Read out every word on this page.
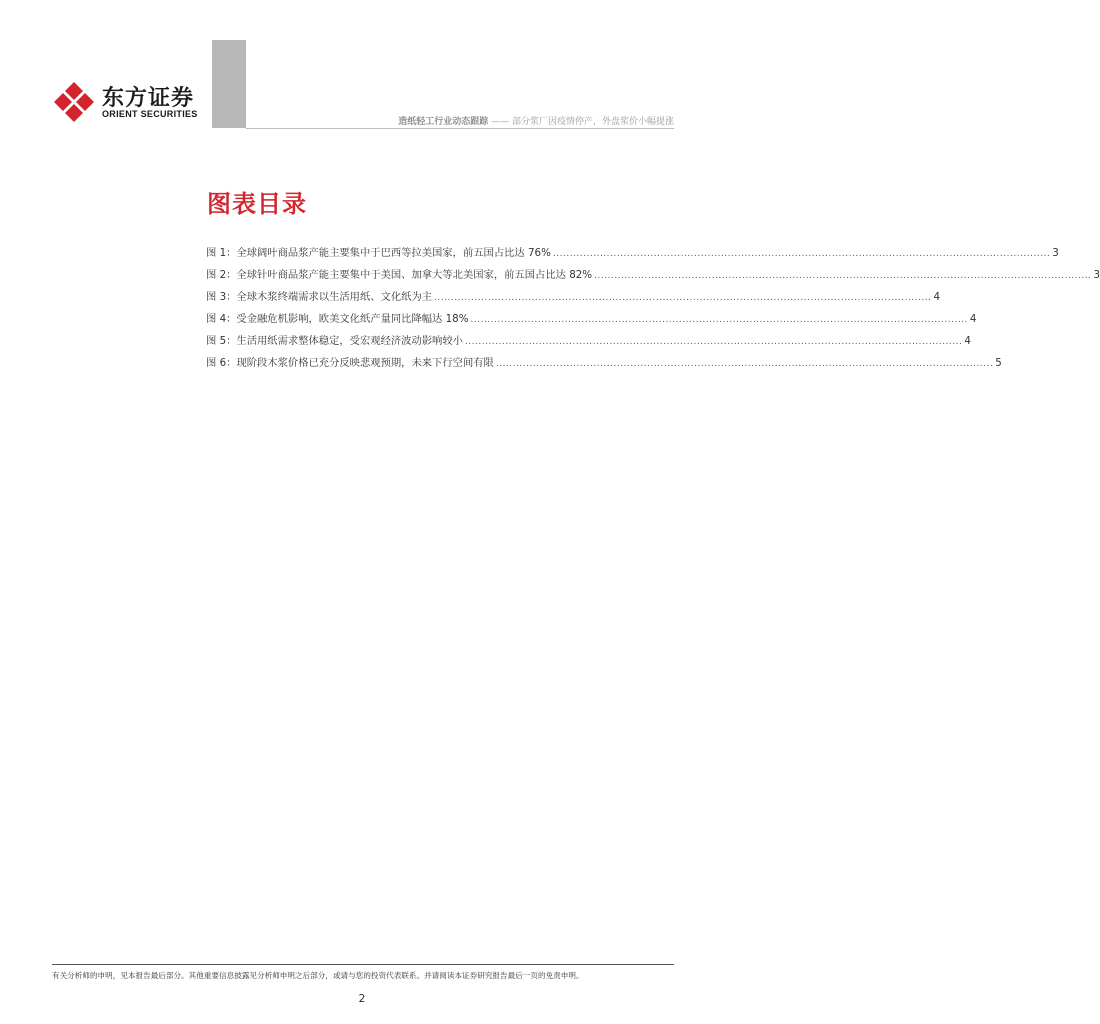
东方证券
ORIENT SECURITIES
造纸轻工行业动态跟踪 —— 部分浆厂因疫情停产，外盘浆价小幅提涨
图表目录
图 1：全球阔叶商品浆产能主要集中于巴西等拉美国家，前五国占比达 76% .................................................................................................................................................... 3
图 2：全球针叶商品浆产能主要集中于美国、加拿大等北美国家，前五国占比达 82% .................................................................................................................................................... 3
图 3：全球木浆终端需求以生活用纸、文化纸为主 .................................................................................................................................................... 4
图 4：受金融危机影响，欧美文化纸产量同比降幅达 18% .................................................................................................................................................... 4
图 5：生活用纸需求整体稳定，受宏观经济波动影响较小 .................................................................................................................................................... 4
图 6：现阶段木浆价格已充分反映悲观预期，未来下行空间有限 .................................................................................................................................................... 5
有关分析师的申明，见本报告最后部分。其他重要信息披露见分析师申明之后部分，或请与您的投资代表联系。并请阅读本证券研究报告最后一页的免责申明。
2
